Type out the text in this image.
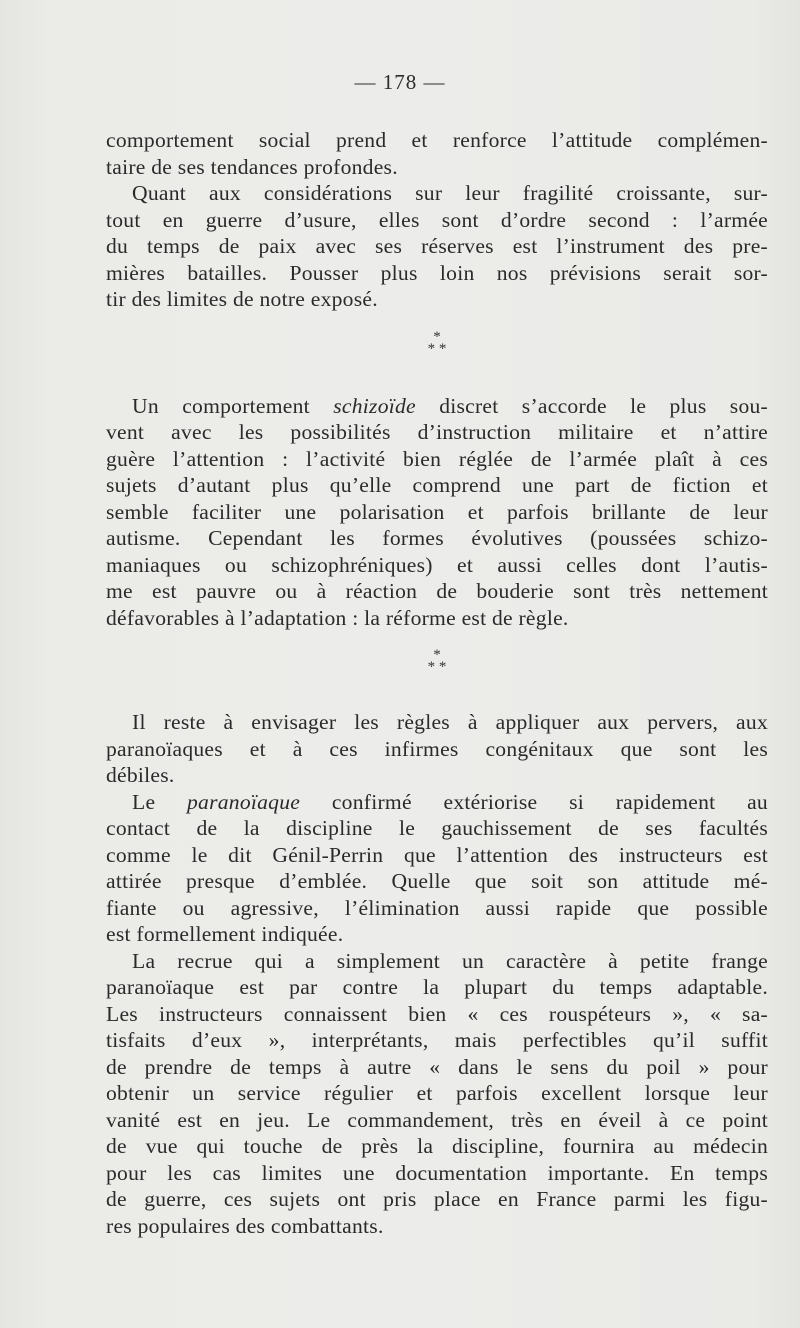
— 178 —
comportement social prend et renforce l’attitude complémen-
taire de ses tendances profondes.
Quant aux considérations sur leur fragilité croissante, sur-
tout en guerre d’usure, elles sont d’ordre second : l’armée
du temps de paix avec ses réserves est l’instrument des pre-
mières batailles. Pousser plus loin nos prévisions serait sor-
tir des limites de notre exposé.
*
* *
Un comportement schizoïde discret s’accorde le plus sou-
vent avec les possibilités d’instruction militaire et n’attire
guère l’attention : l’activité bien réglée de l’armée plaît à ces
sujets d’autant plus qu’elle comprend une part de fiction et
semble faciliter une polarisation et parfois brillante de leur
autisme. Cependant les formes évolutives (poussées schizo-
maniaques ou schizophréniques) et aussi celles dont l’autis-
me est pauvre ou à réaction de bouderie sont très nettement
défavorables à l’adaptation : la réforme est de règle.
*
* *
Il reste à envisager les règles à appliquer aux pervers, aux
paranoïaques et à ces infirmes congénitaux que sont les
débiles.
Le paranoïaque confirmé extériorise si rapidement au
contact de la discipline le gauchissement de ses facultés
comme le dit Génil-Perrin que l’attention des instructeurs est
attirée presque d’emblée. Quelle que soit son attitude mé-
fiante ou agressive, l’élimination aussi rapide que possible
est formellement indiquée.
La recrue qui a simplement un caractère à petite frange
paranoïaque est par contre la plupart du temps adaptable.
Les instructeurs connaissent bien « ces rouspéteurs », « sa-
tisfaits d’eux », interprétants, mais perfectibles qu’il suffit
de prendre de temps à autre « dans le sens du poil » pour
obtenir un service régulier et parfois excellent lorsque leur
vanité est en jeu. Le commandement, très en éveil à ce point
de vue qui touche de près la discipline, fournira au médecin
pour les cas limites une documentation importante. En temps
de guerre, ces sujets ont pris place en France parmi les figu-
res populaires des combattants.
